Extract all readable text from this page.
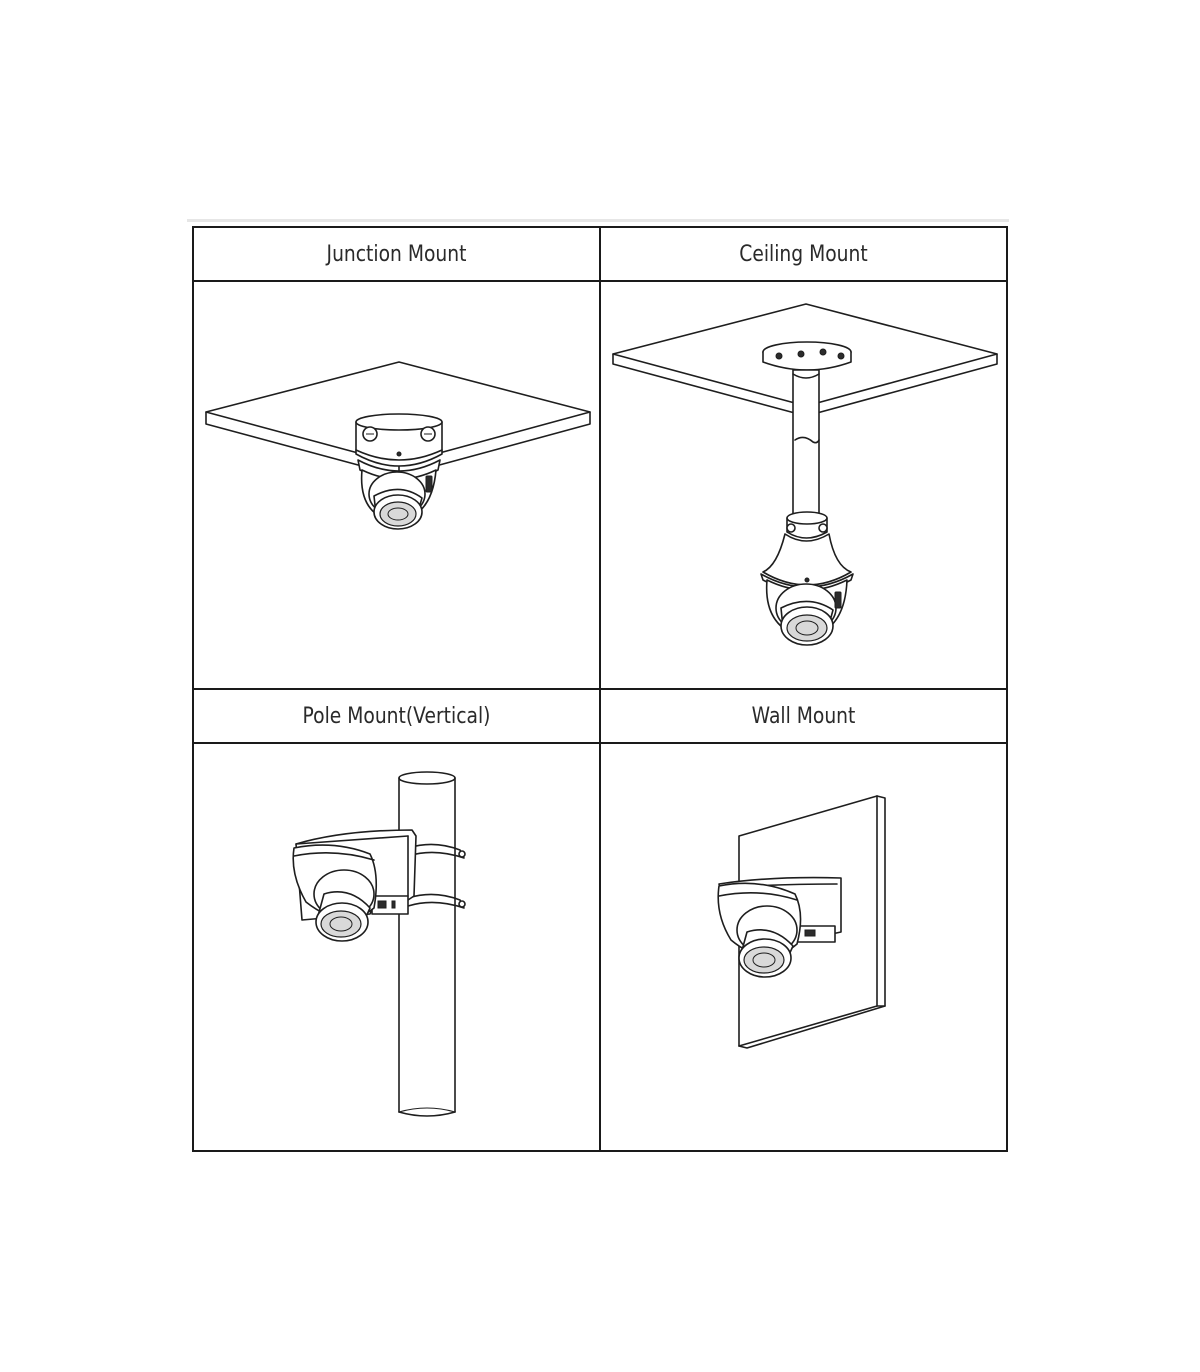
Junction Mount	Ceiling Mount

Pole Mount(Vertical)	Wall Mount
